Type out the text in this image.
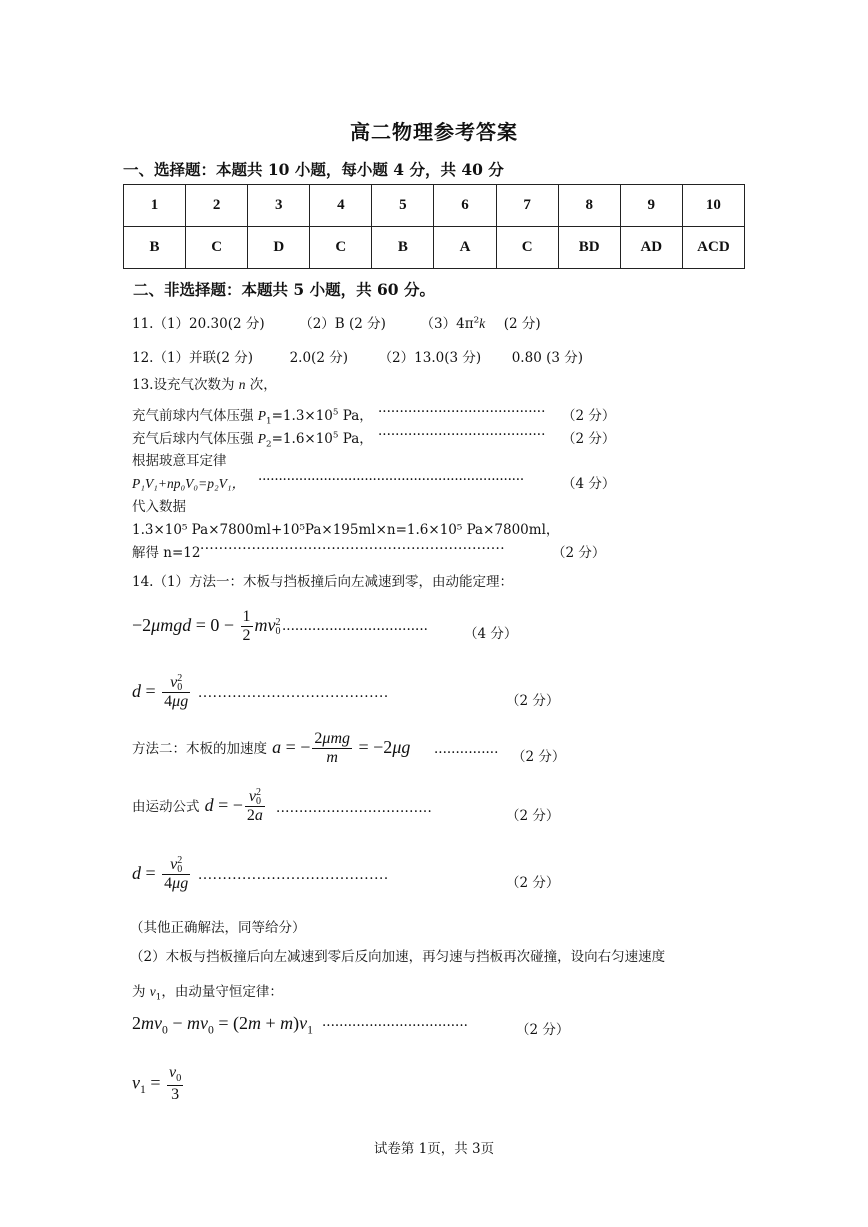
高二物理参考答案
一、选择题：本题共 10 小题，每小题 4 分，共 40 分
1	2	3	4	5	6	7	8	9	10
B	C	D	C	B	A	C	BD	AD	ACD
二、非选择题：本题共 5 小题，共 60 分。
11.（1）20.30(2 分)	（2）B (2 分)	$(3)4\pi^2k$ (2 分)
12.（1）并联(2 分)	2.0(2 分) （2）13.0(3 分) 0.80 (3 分)
13.设充气次数为 n 次，
充气前球内气体压强 $P_1=1.3\times 10^5$ Pa， ······································· （2 分）
充气后球内气体压强 $P_2=1.6\times 10^5$ Pa， ······································· （2 分）
根据玻意耳定律
P₁V₁+np₀V₀=p₂V₁， ·································································	（4 分）
代入数据
1.3×10⁵ Pa×7800ml+10⁵Pa×195ml×n=1.6×10⁵ Pa×7800ml，
解得 n=12 ·································································	（2 分）
14.（1）方法一：木板与挡板撞后向左减速到零，由动能定理：
$-2\mu mgd = 0 - \frac{1}{2}$ mv 2
0 ··································	（4 分）
d = v 2
0
4μg ·······································	（2 分）
方法二：木板的加速度 a = − $\frac{\text{2μmg}}{m} = -2\mu g$ ··············· （2 分）
由运动公式 d = − v 2
0
2a ··································	（2 分）
d = v 2
0
4μg ·······································	（2 分）
（其他正确解法，同等给分）
（2）木板与挡板撞后向左减速到零后反向加速，再匀速与挡板再次碰撞，设向右匀速速度
为 $v_1$，由动量守恒定律：
$2mv_0 - mv_0 = (2m + m)v_1$ ··································	（2 分）
$v_1 = \frac{v_0}{3}$
试卷第 1页，共 3页
